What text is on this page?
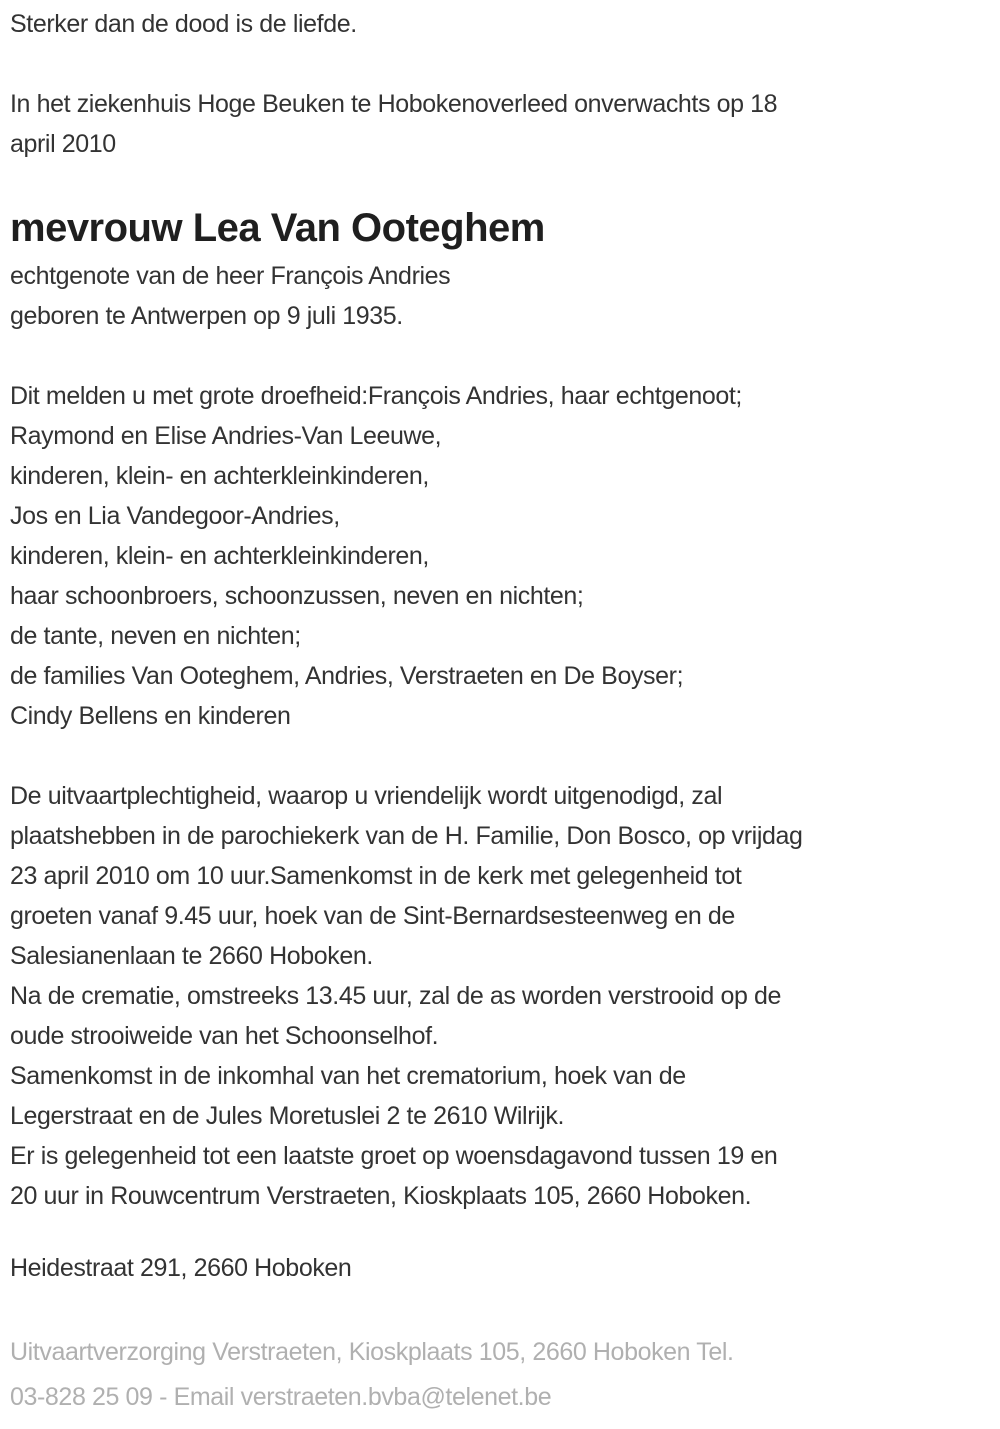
Sterker dan de dood is de liefde.
In het ziekenhuis Hoge Beuken te Hobokenoverleed onverwachts op 18
april 2010
mevrouw Lea Van Ooteghem
echtgenote van de heer François Andries
geboren te Antwerpen op 9 juli 1935.
Dit melden u met grote droefheid:François Andries, haar echtgenoot;
Raymond en Elise Andries-Van Leeuwe,
kinderen, klein- en achterkleinkinderen,
Jos en Lia Vandegoor-Andries,
kinderen, klein- en achterkleinkinderen,
haar schoonbroers, schoonzussen, neven en nichten;
de tante, neven en nichten;
de families Van Ooteghem, Andries, Verstraeten en De Boyser;
Cindy Bellens en kinderen
De uitvaartplechtigheid, waarop u vriendelijk wordt uitgenodigd, zal
plaatshebben in de parochiekerk van de H. Familie, Don Bosco, op vrijdag
23 april 2010 om 10 uur.Samenkomst in de kerk met gelegenheid tot
groeten vanaf 9.45 uur, hoek van de Sint-Bernardsesteenweg en de
Salesianenlaan te 2660 Hoboken.
Na de crematie, omstreeks 13.45 uur, zal de as worden verstrooid op de
oude strooiweide van het Schoonselhof.
Samenkomst in de inkomhal van het crematorium, hoek van de
Legerstraat en de Jules Moretuslei 2 te 2610 Wilrijk.
Er is gelegenheid tot een laatste groet op woensdagavond tussen 19 en
20 uur in Rouwcentrum Verstraeten, Kioskplaats 105, 2660 Hoboken.
Heidestraat 291, 2660 Hoboken
Uitvaartverzorging Verstraeten, Kioskplaats 105, 2660 Hoboken Tel.
03-828 25 09 - Email verstraeten.bvba@telenet.be
